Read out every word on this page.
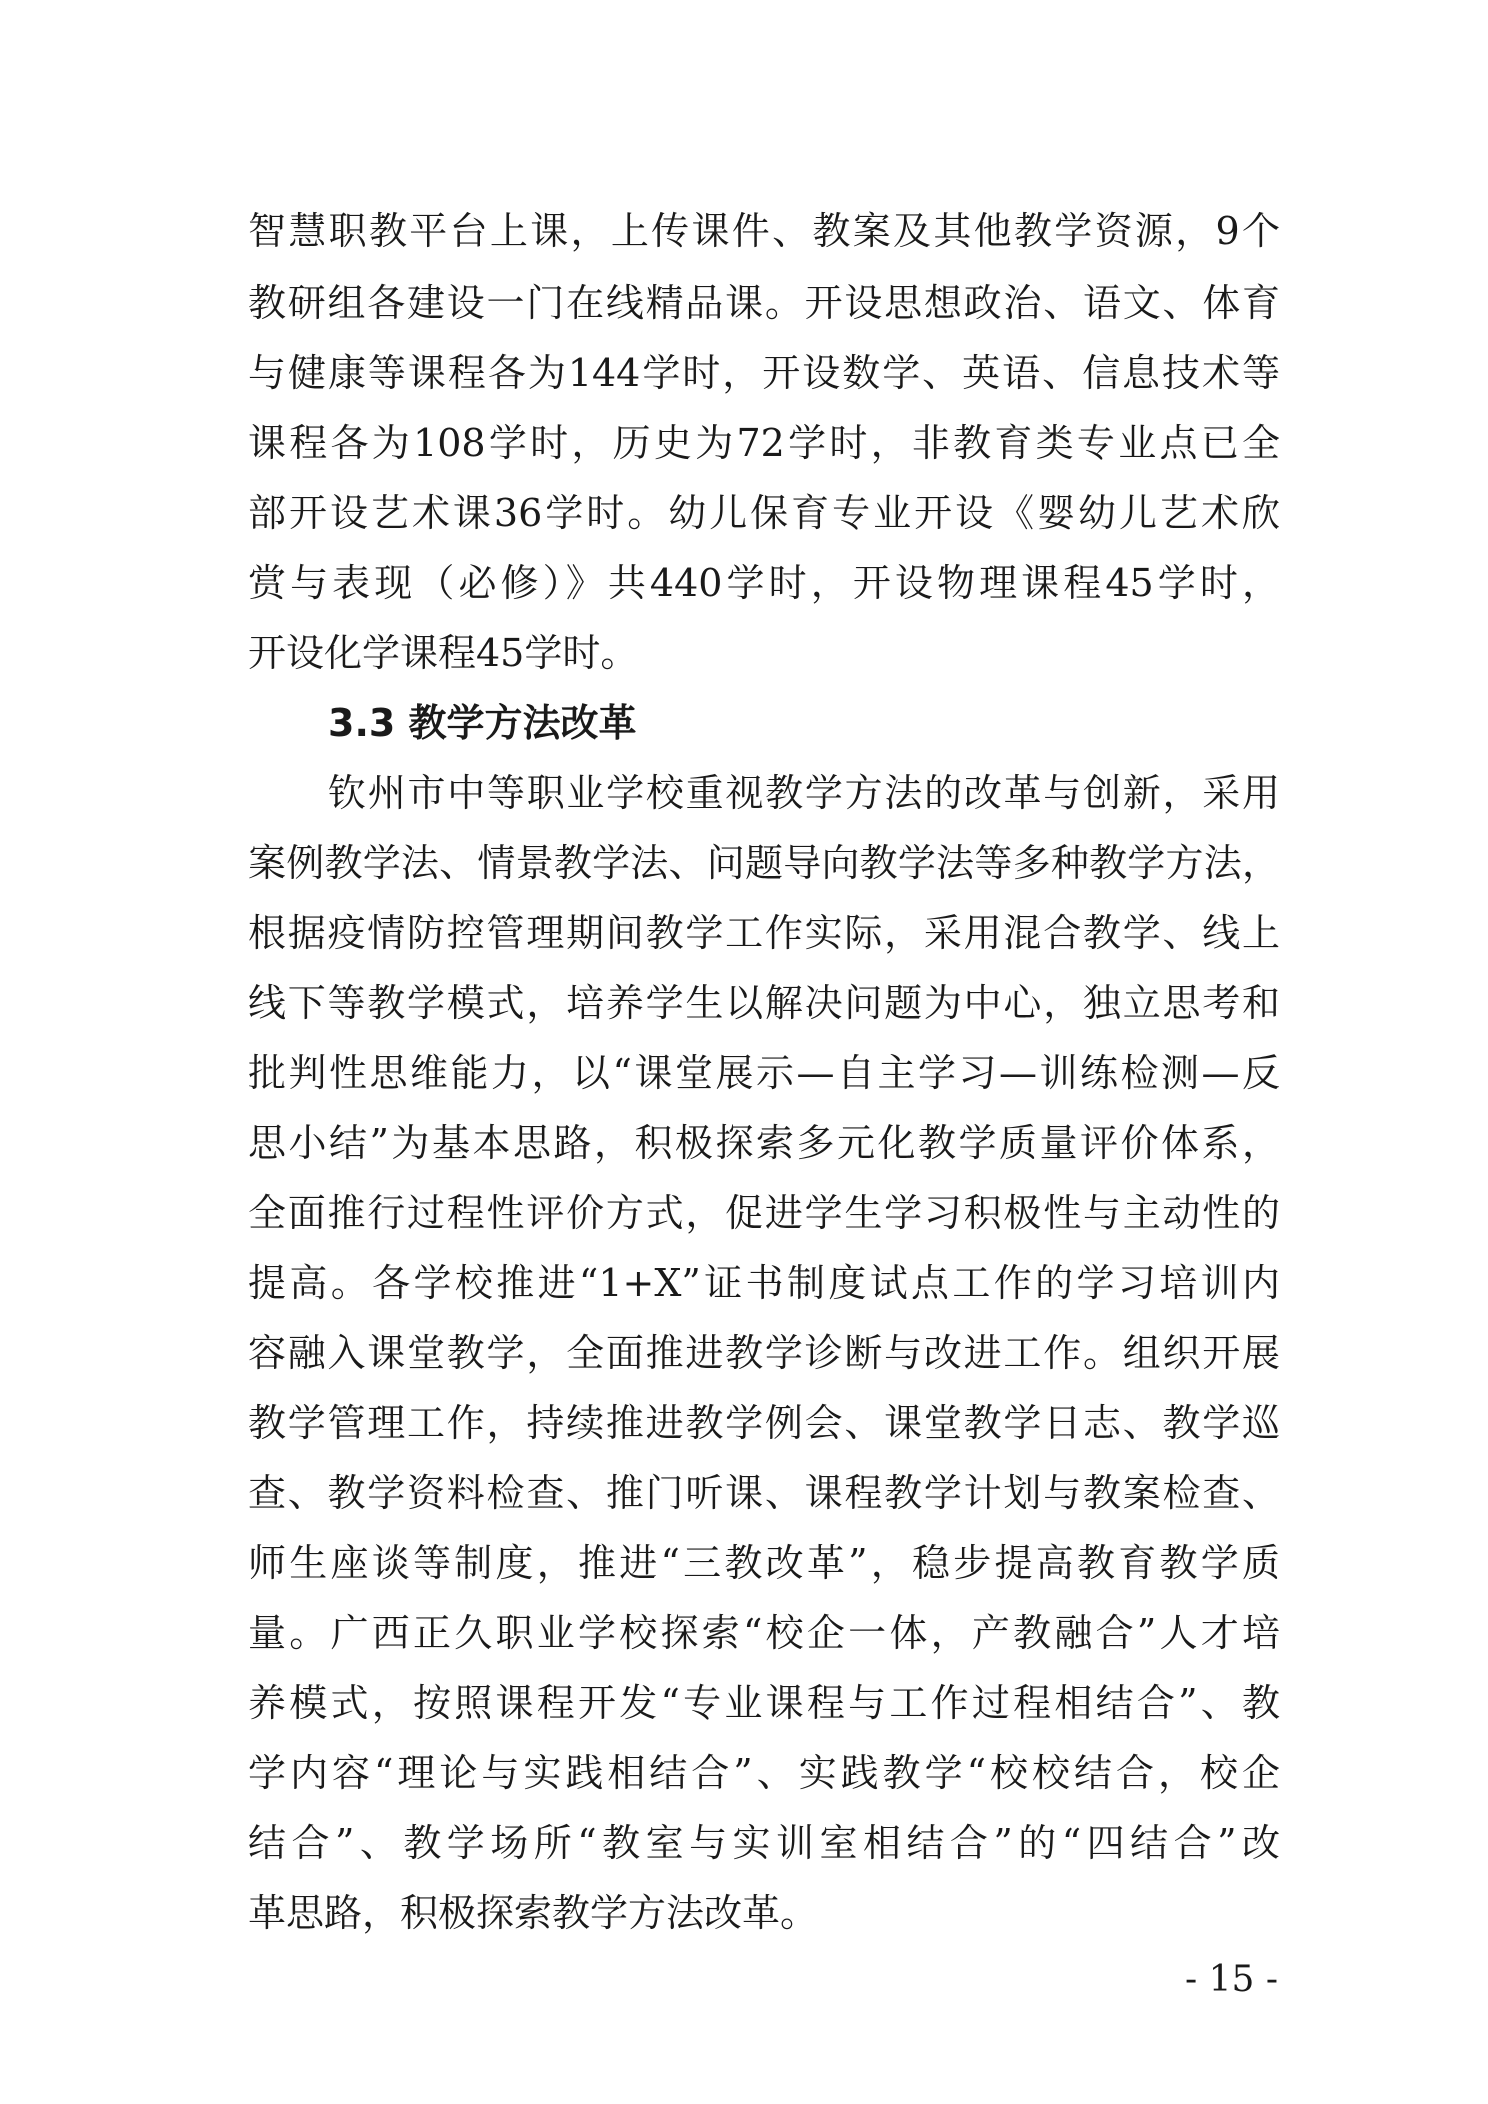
智慧职教平台上课，上传课件、教案及其他教学资源，9个
教研组各建设一门在线精品课。开设思想政治、语文、体育
与健康等课程各为144学时，开设数学、英语、信息技术等
课程各为108学时，历史为72学时，非教育类专业点已全
部开设艺术课36学时。幼儿保育专业开设《婴幼儿艺术欣
赏与表现（必修）》共440学时，开设物理课程45学时，
开设化学课程45学时。
3.3 教学方法改革
钦州市中等职业学校重视教学方法的改革与创新，采用
案例教学法、情景教学法、问题导向教学法等多种教学方法，
根据疫情防控管理期间教学工作实际，采用混合教学、线上
线下等教学模式，培养学生以解决问题为中心，独立思考和
批判性思维能力，以“课堂展示—自主学习—训练检测—反
思小结”为基本思路，积极探索多元化教学质量评价体系，
全面推行过程性评价方式，促进学生学习积极性与主动性的
提高。各学校推进“1+X”证书制度试点工作的学习培训内
容融入课堂教学，全面推进教学诊断与改进工作。组织开展
教学管理工作，持续推进教学例会、课堂教学日志、教学巡
查、教学资料检查、推门听课、课程教学计划与教案检查、
师生座谈等制度，推进“三教改革”，稳步提高教育教学质
量。广西正久职业学校探索“校企一体，产教融合”人才培
养模式，按照课程开发“专业课程与工作过程相结合”、教
学内容“理论与实践相结合”、实践教学“校校结合，校企
结合”、教学场所“教室与实训室相结合”的“四结合”改
革思路，积极探索教学方法改革。
- 15 -
